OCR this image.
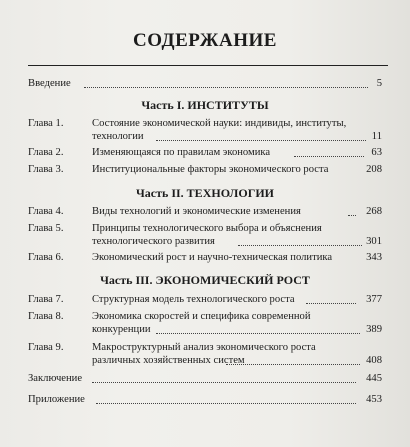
СОДЕРЖАНИЕ
Введение	5
Часть I. ИНСТИТУТЫ
Глава 1.	Состояние экономической науки: индивиды, институты, технологии	11
Глава 2.	Изменяющаяся по правилам экономика	63
Глава 3.	Институциональные факторы экономического роста	208
Часть II. ТЕХНОЛОГИИ
Глава 4.	Виды технологий и экономические изменения	268
Глава 5.	Принципы технологического выбора и объяснения технологического развития	301
Глава 6.	Экономический рост и научно-техническая политика	343
Часть III. ЭКОНОМИЧЕСКИЙ РОСТ
Глава 7.	Структурная модель технологического роста	377
Глава 8.	Экономика скоростей и специфика современной конкуренции	389
Глава 9.	Макроструктурный анализ экономического роста различных хозяйственных систем	408
Заключение	445
Приложение	453
